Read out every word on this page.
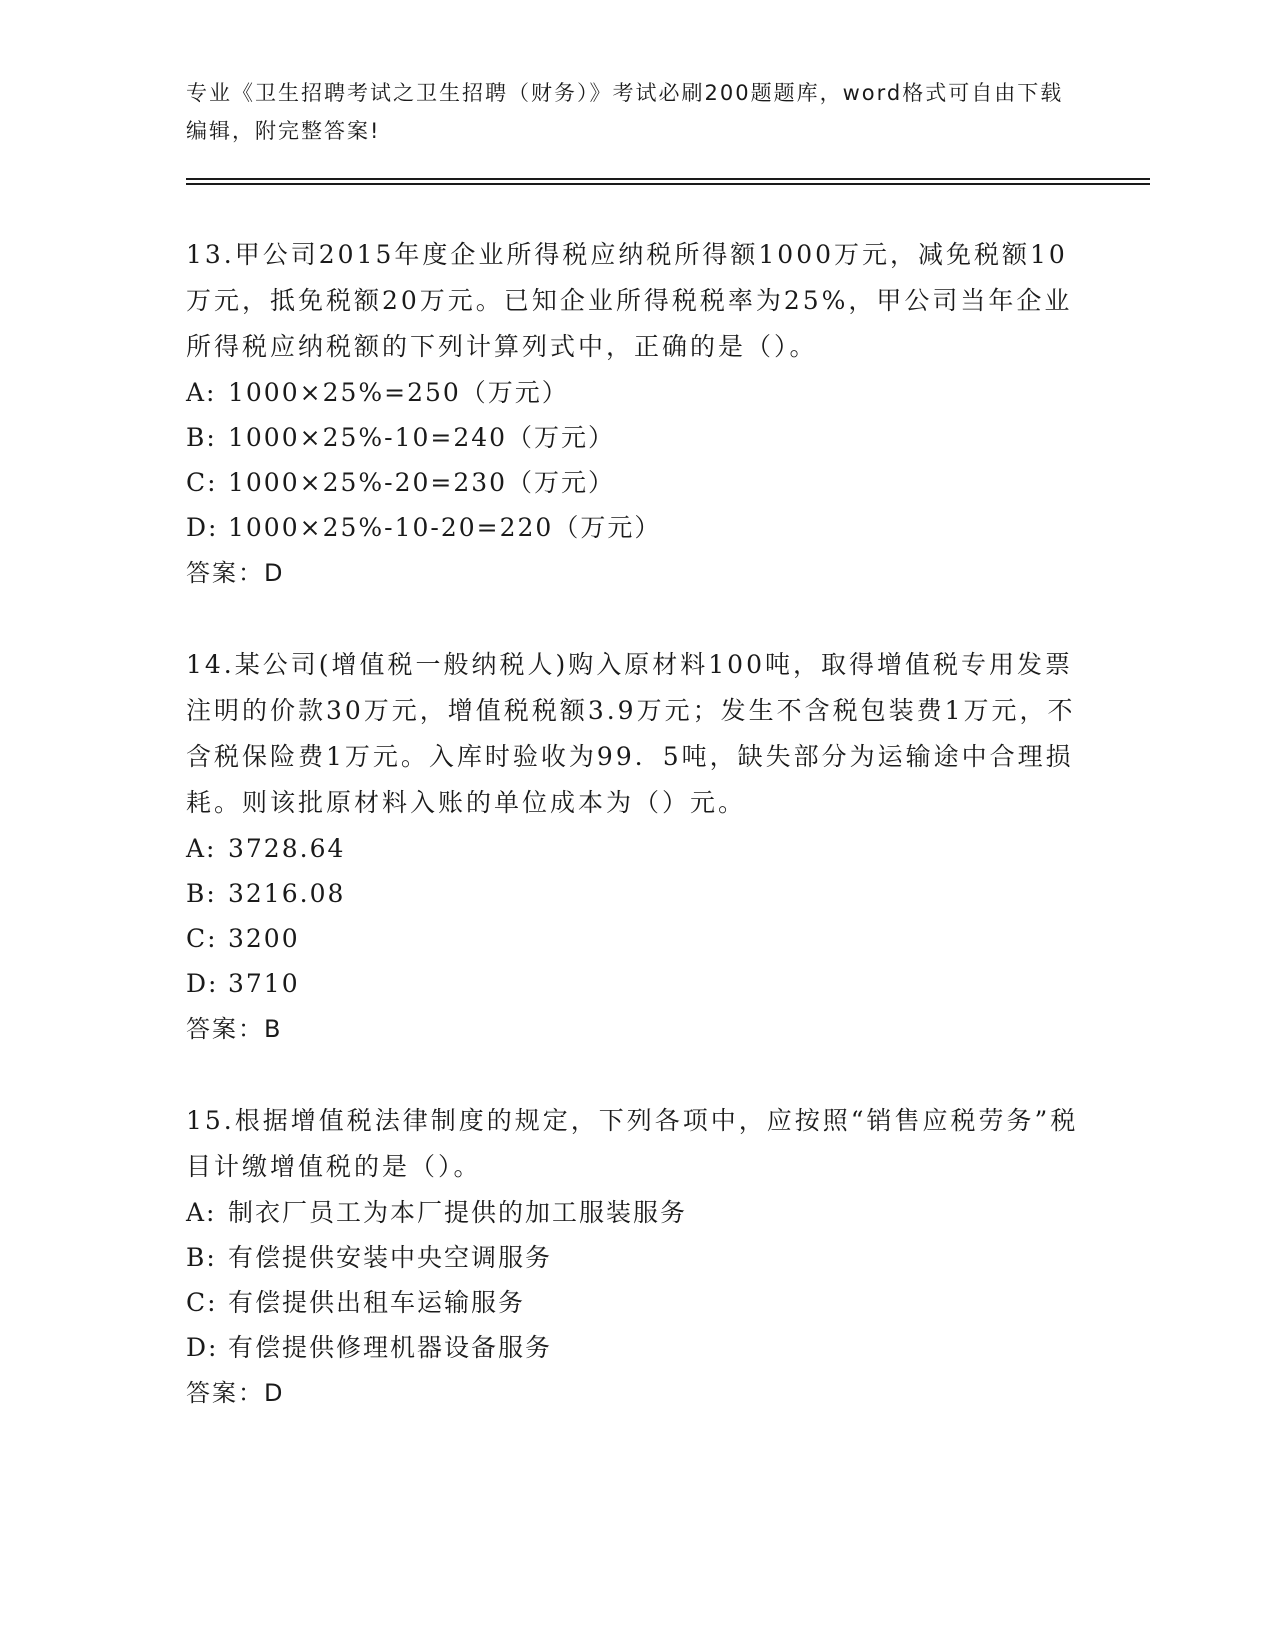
专业《卫生招聘考试之卫生招聘（财务）》考试必刷200题题库，word格式可自由下载编辑，附完整答案!

13.甲公司2015年度企业所得税应纳税所得额1000万元，减免税额10万元，抵免税额20万元。已知企业所得税税率为25%，甲公司当年企业所得税应纳税额的下列计算列式中，正确的是（）。

A: 1000×25%=250（万元）

B: 1000×25%-10=240（万元）

C: 1000×25%-20=230（万元）

D: 1000×25%-10-20=220（万元）

答案：D

14.某公司(增值税一般纳税人)购入原材料100吨，取得增值税专用发票注明的价款30万元，增值税税额3.9万元；发生不含税包装费1万元，不含税保险费1万元。入库时验收为99．5吨，缺失部分为运输途中合理损耗。则该批原材料入账的单位成本为（）元。

A: 3728.64

B: 3216.08

C: 3200

D: 3710

答案：B

15.根据增值税法律制度的规定，下列各项中，应按照“销售应税劳务”税目计缴增值税的是（）。

A: 制衣厂员工为本厂提供的加工服装服务

B: 有偿提供安装中央空调服务

C: 有偿提供出租车运输服务

D: 有偿提供修理机器设备服务

答案：D
